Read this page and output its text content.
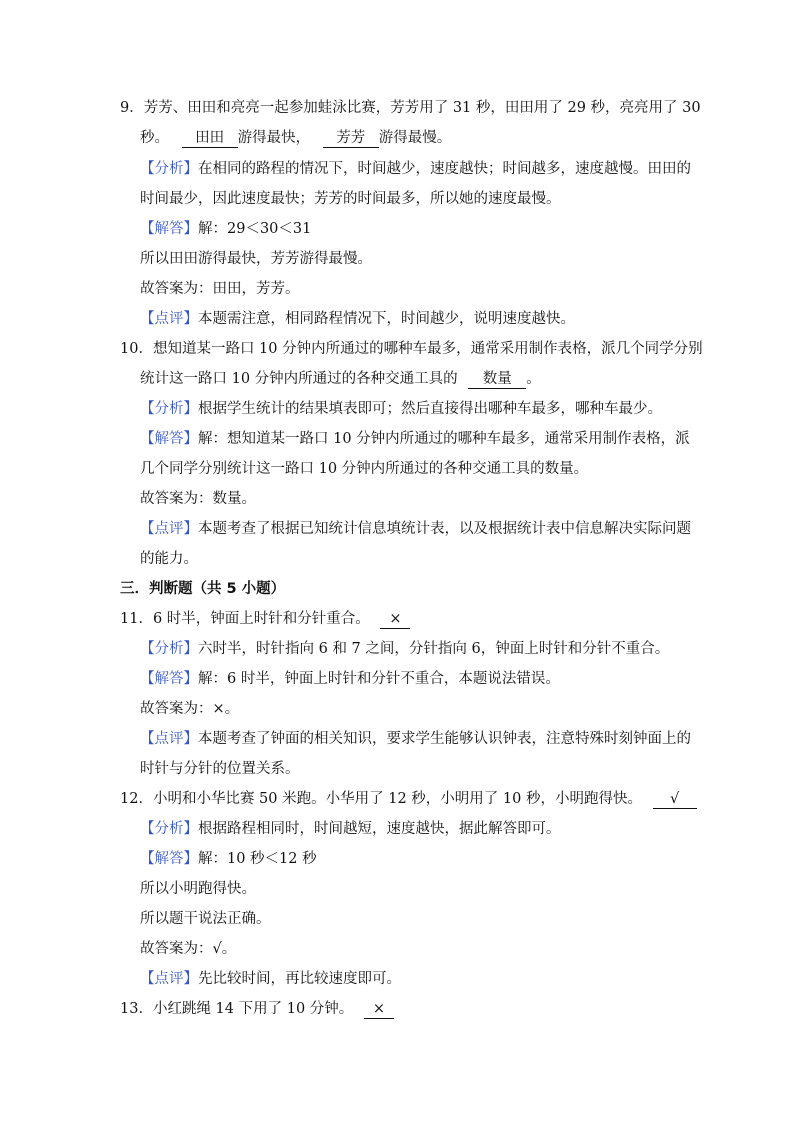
9．芳芳、田田和亮亮一起参加蛙泳比赛，芳芳用了 31 秒，田田用了 29 秒，亮亮用了 30
秒。 田田 游得最快， 芳芳 游得最慢。
【分析】在相同的路程的情况下，时间越少，速度越快；时间越多，速度越慢。田田的
时间最少，因此速度最快；芳芳的时间最多，所以她的速度最慢。
【解答】解：29＜30＜31
所以田田游得最快，芳芳游得最慢。
故答案为：田田，芳芳。
【点评】本题需注意，相同路程情况下，时间越少，说明速度越快。
10．想知道某一路口 10 分钟内所通过的哪种车最多，通常采用制作表格，派几个同学分别
统计这一路口 10 分钟内所通过的各种交通工具的 数量 。
【分析】根据学生统计的结果填表即可；然后直接得出哪种车最多，哪种车最少。
【解答】解：想知道某一路口 10 分钟内所通过的哪种车最多，通常采用制作表格，派
几个同学分别统计这一路口 10 分钟内所通过的各种交通工具的数量。
故答案为：数量。
【点评】本题考查了根据已知统计信息填统计表，以及根据统计表中信息解决实际问题
的能力。
三．判断题（共 5 小题）
11．6 时半，钟面上时针和分针重合。 ×
【分析】六时半，时针指向 6 和 7 之间，分针指向 6，钟面上时针和分针不重合。
【解答】解：6 时半，钟面上时针和分针不重合，本题说法错误。
故答案为：×。
【点评】本题考查了钟面的相关知识，要求学生能够认识钟表，注意特殊时刻钟面上的
时针与分针的位置关系。
12．小明和小华比赛 50 米跑。小华用了 12 秒，小明用了 10 秒，小明跑得快。 √
【分析】根据路程相同时，时间越短，速度越快，据此解答即可。
【解答】解：10 秒＜12 秒
所以小明跑得快。
所以题干说法正确。
故答案为：√。
【点评】先比较时间，再比较速度即可。
13．小红跳绳 14 下用了 10 分钟。 ×
